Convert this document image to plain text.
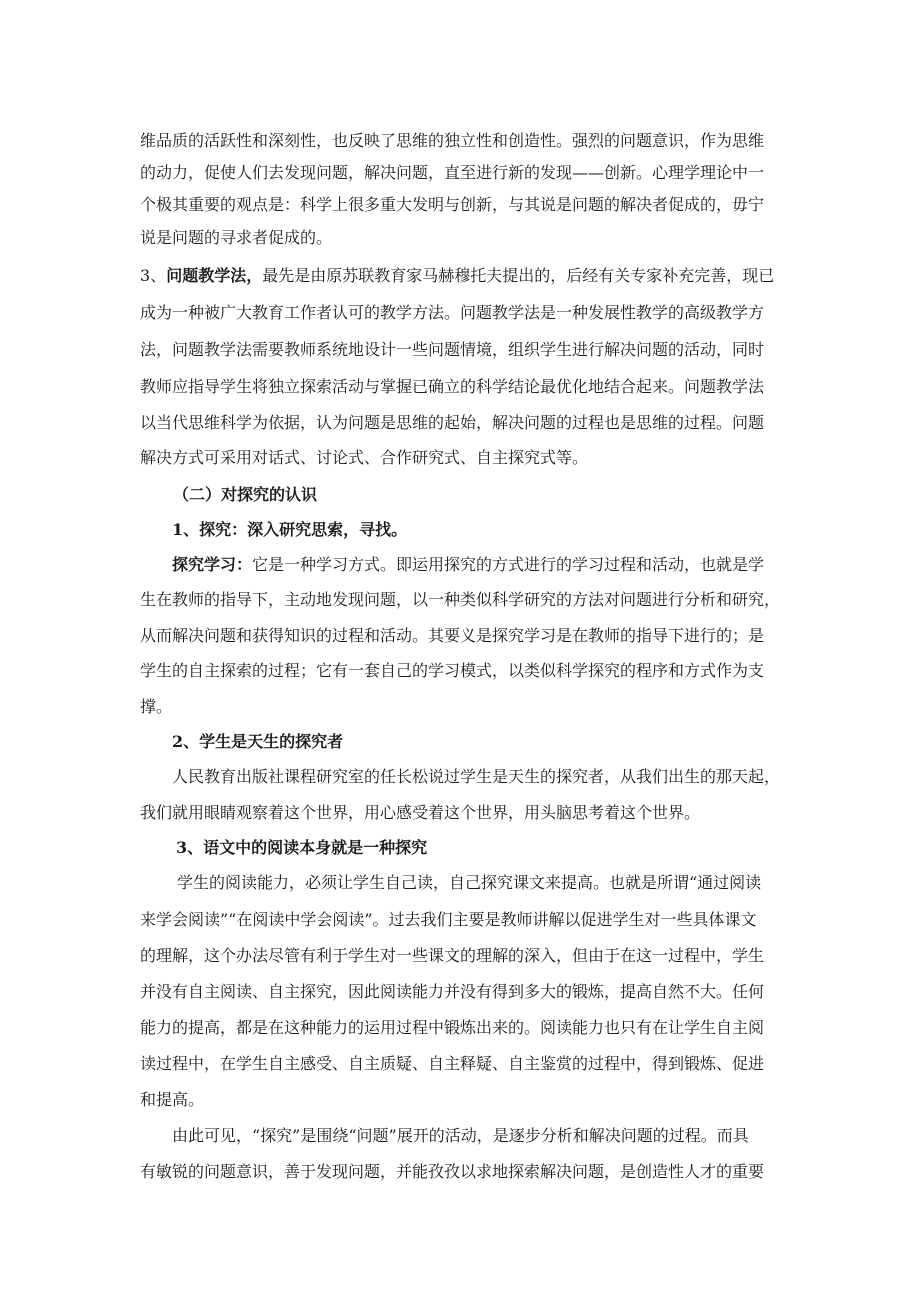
维品质的活跃性和深刻性，也反映了思维的独立性和创造性。强烈的问题意识，作为思维
的动力，促使人们去发现问题，解决问题，直至进行新的发现——创新。心理学理论中一
个极其重要的观点是：科学上很多重大发明与创新，与其说是问题的解决者促成的，毋宁
说是问题的寻求者促成的。
3、问题教学法，最先是由原苏联教育家马赫穆托夫提出的，后经有关专家补充完善，现已
成为一种被广大教育工作者认可的教学方法。问题教学法是一种发展性教学的高级教学方
法，问题教学法需要教师系统地设计一些问题情境，组织学生进行解决问题的活动，同时
教师应指导学生将独立探索活动与掌握已确立的科学结论最优化地结合起来。问题教学法
以当代思维科学为依据，认为问题是思维的起始，解决问题的过程也是思维的过程。问题
解决方式可采用对话式、讨论式、合作研究式、自主探究式等。
（二）对探究的认识
1、探究：深入研究思索，寻找。
探究学习：它是一种学习方式。即运用探究的方式进行的学习过程和活动，也就是学
生在教师的指导下，主动地发现问题，以一种类似科学研究的方法对问题进行分析和研究，
从而解决问题和获得知识的过程和活动。其要义是探究学习是在教师的指导下进行的；是
学生的自主探索的过程；它有一套自己的学习模式，以类似科学探究的程序和方式作为支
撑。
2、学生是天生的探究者
人民教育出版社课程研究室的任长松说过学生是天生的探究者，从我们出生的那天起，
我们就用眼睛观察着这个世界，用心感受着这个世界，用头脑思考着这个世界。
3、语文中的阅读本身就是一种探究
学生的阅读能力，必须让学生自己读，自己探究课文来提高。也就是所谓“通过阅读
来学会阅读”“在阅读中学会阅读”。过去我们主要是教师讲解以促进学生对一些具体课文
的理解，这个办法尽管有利于学生对一些课文的理解的深入，但由于在这一过程中，学生
并没有自主阅读、自主探究，因此阅读能力并没有得到多大的锻炼，提高自然不大。任何
能力的提高，都是在这种能力的运用过程中锻炼出来的。阅读能力也只有在让学生自主阅
读过程中，在学生自主感受、自主质疑、自主释疑、自主鉴赏的过程中，得到锻炼、促进
和提高。
由此可见，“探究”是围绕“问题”展开的活动，是逐步分析和解决问题的过程。而具
有敏锐的问题意识，善于发现问题，并能孜孜以求地探索解决问题，是创造性人才的重要
